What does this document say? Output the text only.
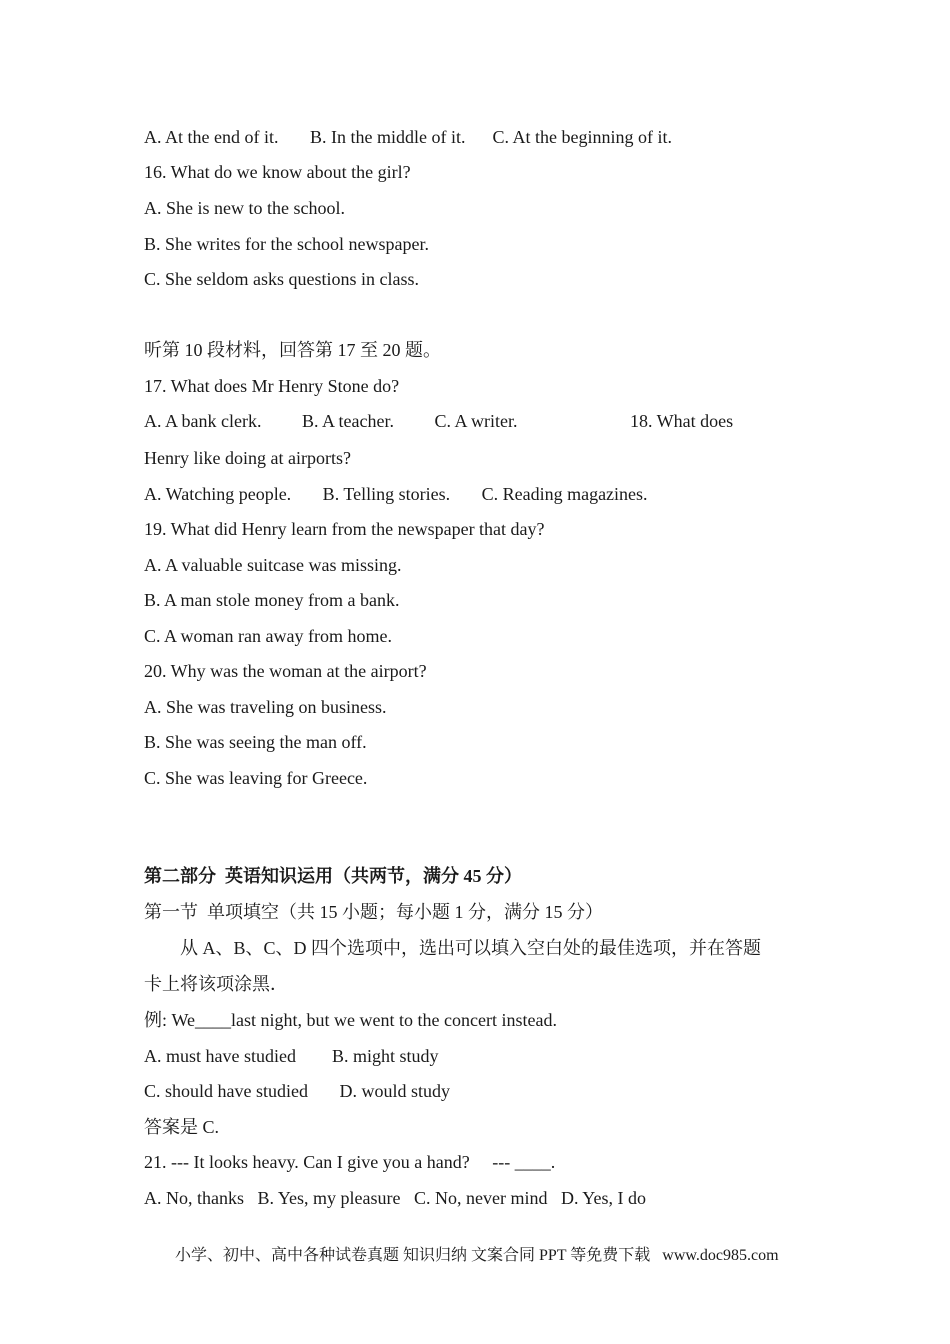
A. At the end of it.       B. In the middle of it.      C. At the beginning of it.

16. What do we know about the girl?

A. She is new to the school.

B. She writes for the school newspaper.

C. She seldom asks questions in class.

听第 10 段材料，回答第 17 至 20 题。

17. What does Mr Henry Stone do?

A. A bank clerk.         B. A teacher.         C. A writer.                         18. What does

Henry like doing at airports?

A. Watching people.       B. Telling stories.       C. Reading magazines.

19. What did Henry learn from the newspaper that day?

A. A valuable suitcase was missing.

B. A man stole money from a bank.

C. A woman ran away from home.

20. Why was the woman at the airport?

A. She was traveling on business.

B. She was seeing the man off.

C. She was leaving for Greece.

第二部分  英语知识运用（共两节，满分 45 分）

第一节  单项填空（共 15 小题；每小题 1 分，满分 15 分）

从 A、B、C、D 四个选项中，选出可以填入空白处的最佳选项，并在答题

卡上将该项涂黑．

例: We____last night, but we went to the concert instead.

A. must have studied        B. might study

C. should have studied       D. would study

答案是 C.

21. --- It looks heavy. Can I give you a hand?     --- ____.

A. No, thanks   B. Yes, my pleasure   C. No, never mind   D. Yes, I do

小学、初中、高中各种试卷真题 知识归纳 文案合同 PPT 等免费下载   www.doc985.com
